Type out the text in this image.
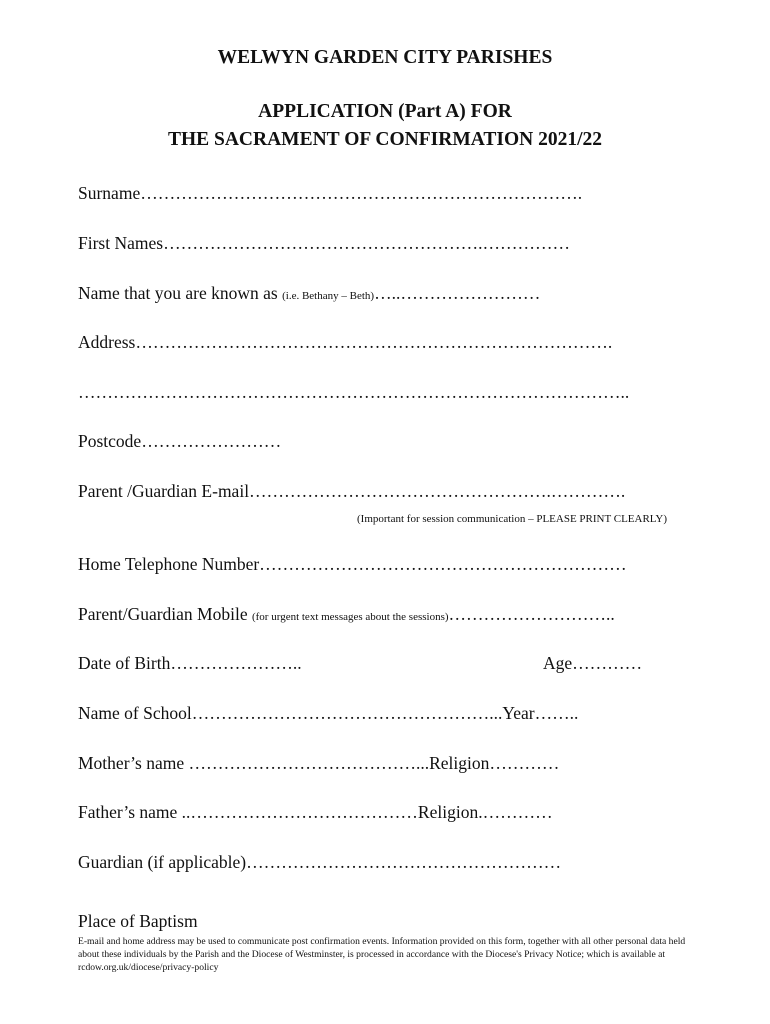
WELWYN GARDEN CITY PARISHES
APPLICATION (Part A) FOR
THE SACRAMENT OF CONFIRMATION 2021/22
Surname………………………………………………………………….
First Names……………………………………………….……………
Name that you are known as (i.e. Bethany – Beth)…..……………………
Address……………………………………………………………………….
…………………………………………………………………………………..
Postcode……………………
Parent /Guardian E-mail…………………………………………….………….
(Important for session communication – PLEASE PRINT CLEARLY)
Home Telephone Number………………………………………………………
Parent/Guardian Mobile (for urgent text messages about the sessions)………………………..
Date of Birth…………………..	Age…………
Name of School……………………………………………...Year……..
Mother’s name …………………………………...Religion…………
Father’s name ..…………………………………Religion.…………
Guardian (if applicable)………………………………………………
Place of Baptism
E-mail and home address may be used to communicate post confirmation events. Information provided on this form, together with all other personal data held about these individuals by the Parish and the Diocese of Westminster, is processed in accordance with the Diocese's Privacy Notice; which is available at rcdow.org.uk/diocese/privacy-policy
